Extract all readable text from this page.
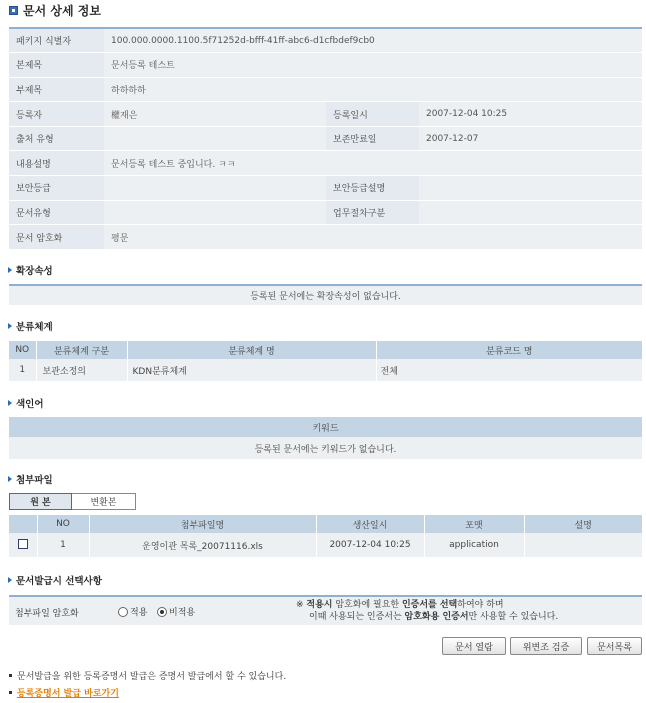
문서 상세 정보
패키지 식별자	100.000.0000.1100.5f71252d-bfff-41ff-abc6-d1cfbdef9cb0		
본제목	문서등록 테스트		
부제목	하하하하		
등록자	權재은	등록일시	2007-12-04 10:25
출처 유형		보존만료일	2007-12-07
내용설명	문서등록 테스트 중입니다. ㅋㅋ		
보안등급		보안등급설명	
문서유형		업무절차구분	
문서 암호화	평문		
확장속성
등록된 문서에는 확장속성이 없습니다.
분류체계
NO	분류체계 구분	분류체계 명	분류코드 명
1	보관소정의	KDN분류체계	전체
색인어
키워드
등록된 문서에는 키워드가 없습니다.
첨부파일
원 본	변환본
	NO	첨부파일명	생산일시	포맷	설명
	1	운영이관 목록_20071116.xls	2007-12-04 10:25	application	
문서발급시 선택사항
첨부파일 암호화	적용 비적용
※ 적용시 암호화에 필요한 인증서를 선택하여야 하며
이때 사용되는 인증서는 암호화용 인증서만 사용할 수 있습니다.
문서 열람	위변조 검증	문서목록
문서발급을 위한 등록증명서 발급은 증명서 발급에서 할 수 있습니다.
등록증명서 발급 바로가기
